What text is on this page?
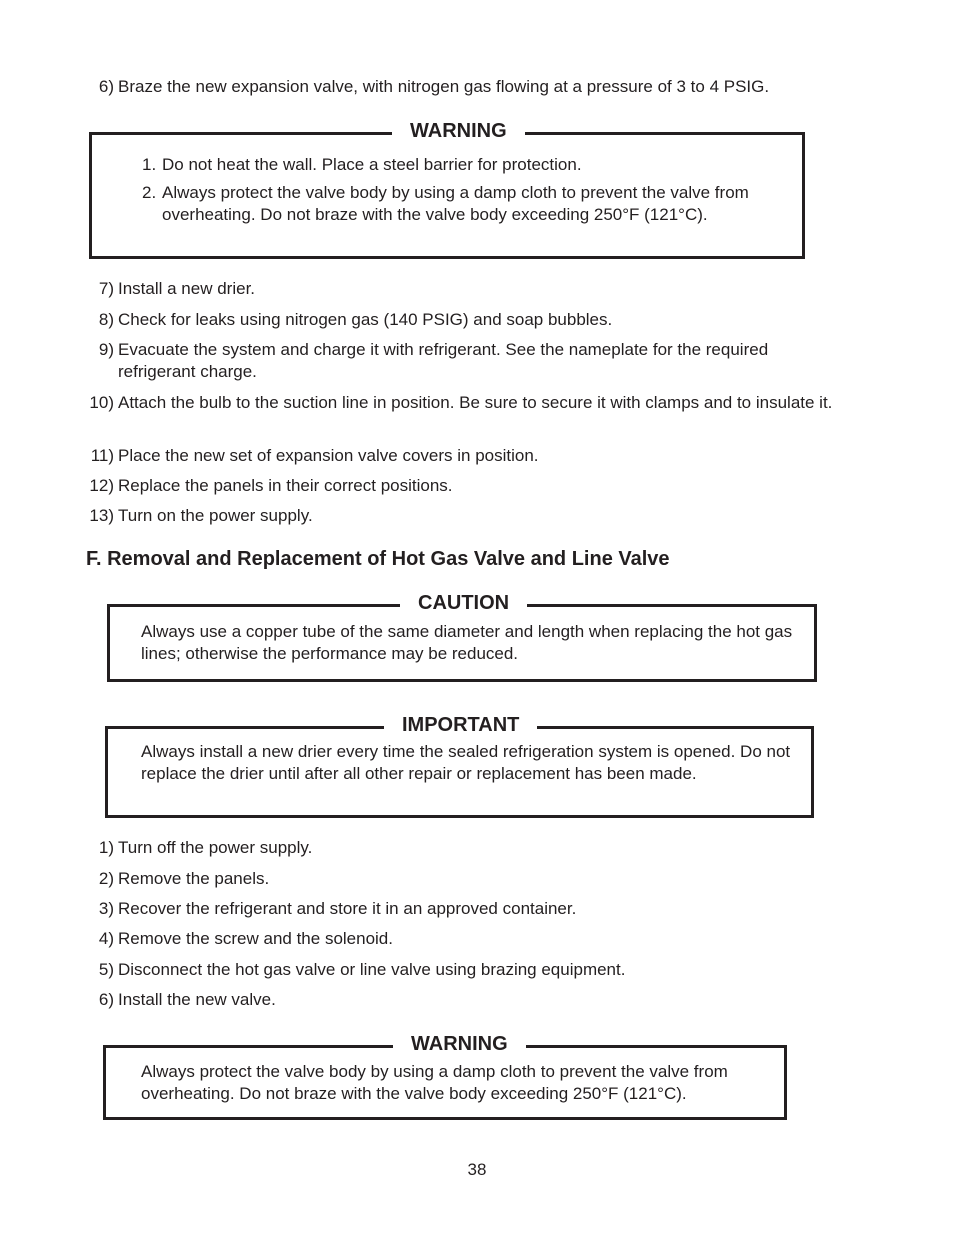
6) Braze the new expansion valve, with nitrogen gas flowing at a pressure of 3 to 4 PSIG.
WARNING
1. Do not heat the wall. Place a steel barrier for protection.
2. Always protect the valve body by using a damp cloth to prevent the valve from overheating. Do not braze with the valve body exceeding 250°F (121°C).
7) Install a new drier.
8) Check for leaks using nitrogen gas (140 PSIG) and soap bubbles.
9) Evacuate the system and charge it with refrigerant. See the nameplate for the required refrigerant charge.
10) Attach the bulb to the suction line in position. Be sure to secure it with clamps and to insulate it.
11) Place the new set of expansion valve covers in position.
12) Replace the panels in their correct positions.
13) Turn on the power supply.
F. Removal and Replacement of Hot Gas Valve and Line Valve
CAUTION
Always use a copper tube of the same diameter and length when replacing the hot gas lines; otherwise the performance may be reduced.
IMPORTANT
Always install a new drier every time the sealed refrigeration system is opened. Do not replace the drier until after all other repair or replacement has been made.
1) Turn off the power supply.
2) Remove the panels.
3) Recover the refrigerant and store it in an approved container.
4) Remove the screw and the solenoid.
5) Disconnect the hot gas valve or line valve using brazing equipment.
6) Install the new valve.
WARNING
Always protect the valve body by using a damp cloth to prevent the valve from overheating. Do not braze with the valve body exceeding 250°F (121°C).
38
